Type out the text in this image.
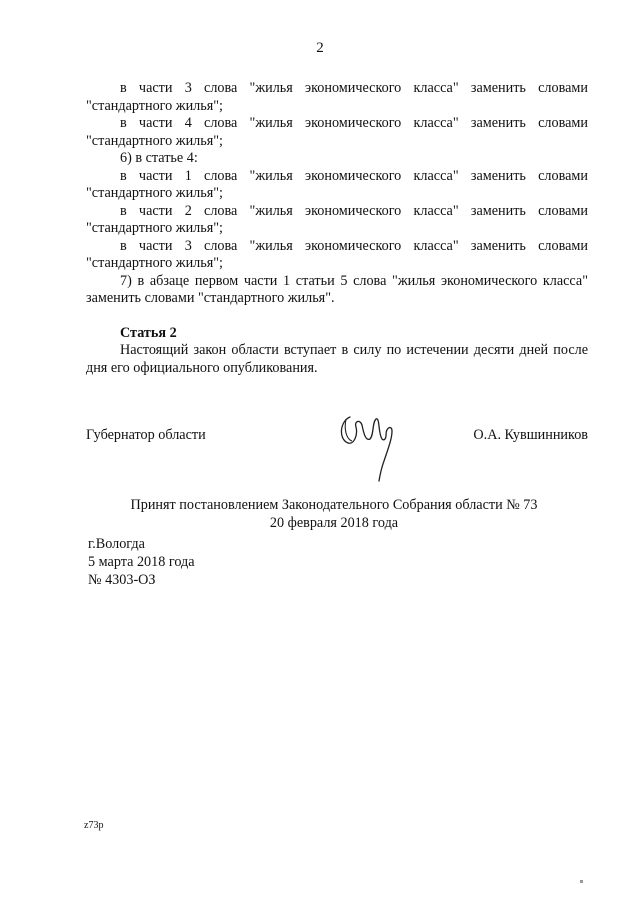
2

в части 3 слова "жилья экономического класса" заменить словами "стандартного жилья";

в части 4 слова "жилья экономического класса" заменить словами "стандартного жилья";

6) в статье 4:

в части 1 слова "жилья экономического класса" заменить словами "стандартного жилья";

в части 2 слова "жилья экономического класса" заменить словами "стандартного жилья";

в части 3 слова "жилья экономического класса" заменить словами "стандартного жилья";

7) в абзаце первом части 1 статьи 5 слова "жилья экономического класса" заменить словами "стандартного жилья".

Статья 2

Настоящий закон области вступает в силу по истечении десяти дней после дня его официального опубликования.

Губернатор области	О.А. Кувшинников
Принят постановлением Законодательного Собрания области № 73
20 февраля 2018 года
г.Вологда
5 марта 2018 года
№ 4303-ОЗ
z73p
